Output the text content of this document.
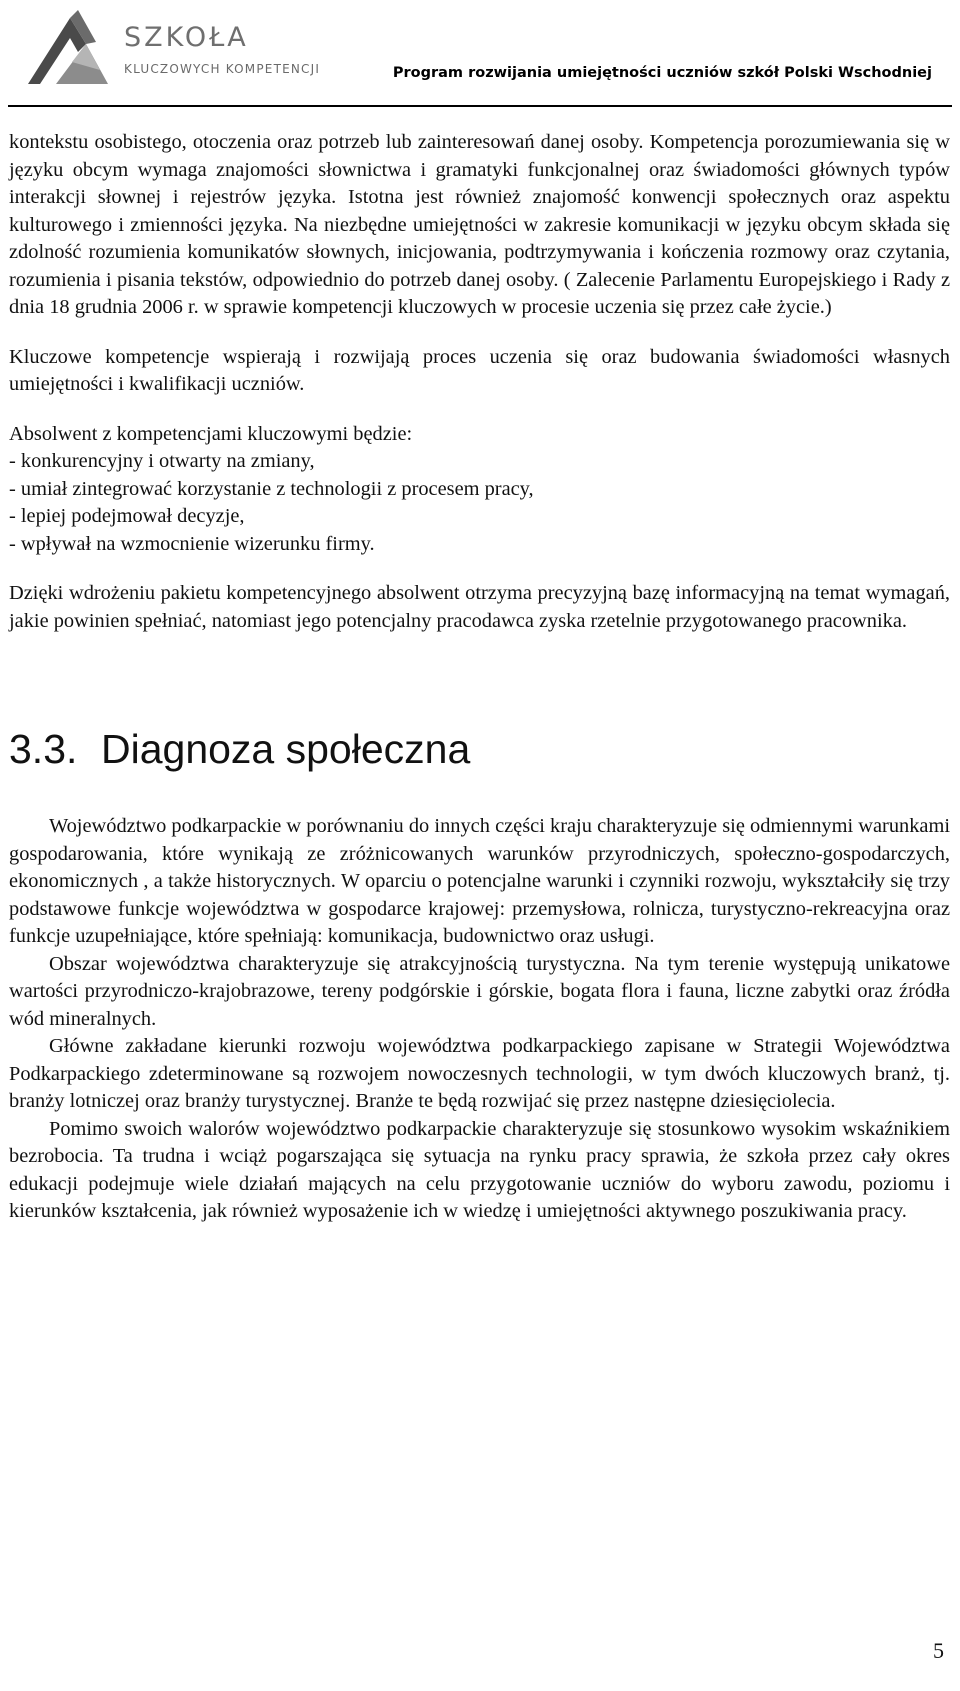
SZKOŁA
KLUCZOWYCH KOMPETENCJI	Program rozwijania umiejętności uczniów szkół Polski Wschodniej

kontekstu osobistego, otoczenia oraz potrzeb lub zainteresowań danej osoby. Kompetencja porozumiewania się w języku obcym wymaga znajomości słownictwa i gramatyki funkcjonalnej oraz świadomości głównych typów interakcji słownej i rejestrów języka. Istotna jest również znajomość konwencji społecznych oraz aspektu kulturowego i zmienności języka. Na niezbędne umiejętności w zakresie komunikacji w języku obcym składa się zdolność rozumienia komunikatów słownych, inicjowania, podtrzymywania i kończenia rozmowy oraz czytania, rozumienia i pisania tekstów, odpowiednio do potrzeb danej osoby. ( Zalecenie Parlamentu Europejskiego i Rady z dnia 18 grudnia 2006 r. w sprawie kompetencji kluczowych w procesie uczenia się przez całe życie.)

Kluczowe kompetencje wspierają i rozwijają proces uczenia się oraz budowania świadomości własnych umiejętności i kwalifikacji uczniów.

Absolwent z kompetencjami kluczowymi będzie:

- konkurencyjny i otwarty na zmiany,

- umiał zintegrować korzystanie z technologii z procesem pracy,

- lepiej podejmował decyzje,

- wpływał na wzmocnienie wizerunku firmy.

Dzięki wdrożeniu pakietu kompetencyjnego absolwent otrzyma precyzyjną bazę informacyjną na temat wymagań, jakie powinien spełniać, natomiast jego potencjalny pracodawca zyska rzetelnie przygotowanego pracownika.

3.3. Diagnoza społeczna

Województwo podkarpackie w porównaniu do innych części kraju charakteryzuje się odmiennymi warunkami gospodarowania, które wynikają ze zróżnicowanych warunków przyrodniczych, społeczno-gospodarczych, ekonomicznych , a także historycznych. W oparciu o potencjalne warunki i czynniki rozwoju, wykształciły się trzy podstawowe funkcje województwa w gospodarce krajowej: przemysłowa, rolnicza, turystyczno-rekreacyjna oraz funkcje uzupełniające, które spełniają: komunikacja, budownictwo oraz usługi.

Obszar województwa charakteryzuje się atrakcyjnością turystyczna. Na tym terenie występują unikatowe wartości przyrodniczo-krajobrazowe, tereny podgórskie i górskie, bogata flora i fauna, liczne zabytki oraz źródła wód mineralnych.

Główne zakładane kierunki rozwoju województwa podkarpackiego zapisane w Strategii Województwa Podkarpackiego zdeterminowane są rozwojem nowoczesnych technologii, w tym dwóch kluczowych branż, tj. branży lotniczej oraz branży turystycznej. Branże te będą rozwijać się przez następne dziesięciolecia.

Pomimo swoich walorów województwo podkarpackie charakteryzuje się stosunkowo wysokim wskaźnikiem bezrobocia. Ta trudna i wciąż pogarszająca się sytuacja na rynku pracy sprawia, że szkoła przez cały okres edukacji podejmuje wiele działań mających na celu przygotowanie uczniów do wyboru zawodu, poziomu i kierunków kształcenia, jak również wyposażenie ich w wiedzę i umiejętności aktywnego poszukiwania pracy.

5
